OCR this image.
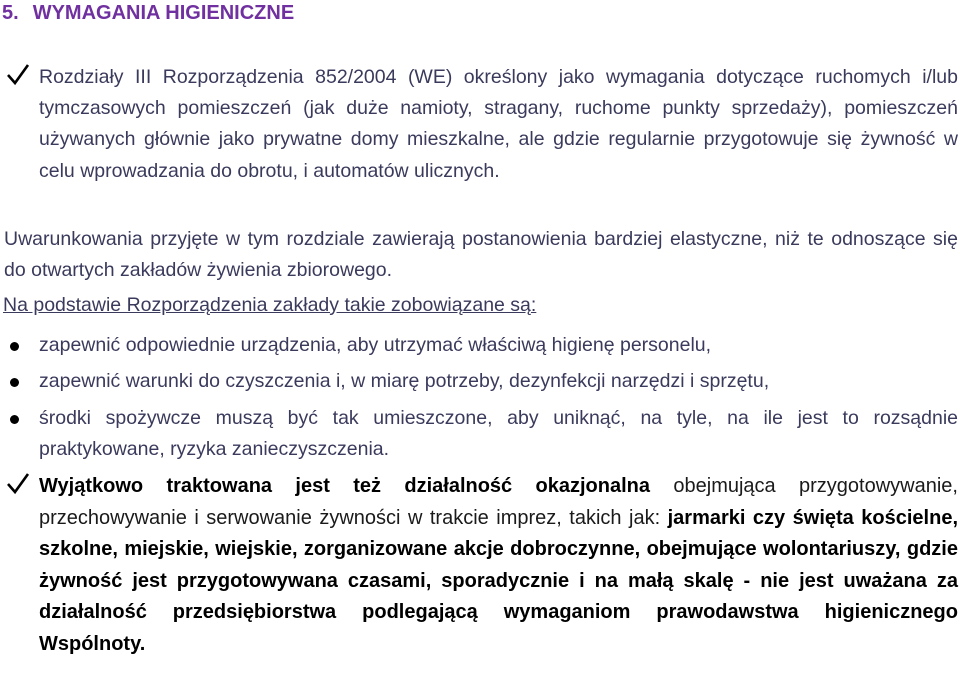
5. WYMAGANIA HIGIENICZNE
Rozdziały III Rozporządzenia 852/2004 (WE) określony jako wymagania dotyczące ruchomych i/lub tymczasowych pomieszczeń (jak duże namioty, stragany, ruchome punkty sprzedaży), pomieszczeń używanych głównie jako prywatne domy mieszkalne, ale gdzie regularnie przygotowuje się żywność w celu wprowadzania do obrotu, i automatów ulicznych.
Uwarunkowania przyjęte w tym rozdziale zawierają postanowienia bardziej elastyczne, niż te odnoszące się do otwartych zakładów żywienia zbiorowego.
Na podstawie Rozporządzenia zakłady takie zobowiązane są:
zapewnić odpowiednie urządzenia, aby utrzymać właściwą higienę personelu,
zapewnić warunki do czyszczenia i, w miarę potrzeby, dezynfekcji narzędzi i sprzętu,
środki spożywcze muszą być tak umieszczone, aby uniknąć, na tyle, na ile jest to rozsądnie praktykowane, ryzyka zanieczyszczenia.
Wyjątkowo traktowana jest też działalność okazjonalna obejmująca przygotowywanie, przechowywanie i serwowanie żywności w trakcie imprez, takich jak: jarmarki czy święta kościelne, szkolne, miejskie, wiejskie, zorganizowane akcje dobroczynne, obejmujące wolontariuszy, gdzie żywność jest przygotowywana czasami, sporadycznie i na małą skalę - nie jest uważana za działalność przedsiębiorstwa podlegającą wymaganiom prawodawstwa higienicznego Wspólnoty.
